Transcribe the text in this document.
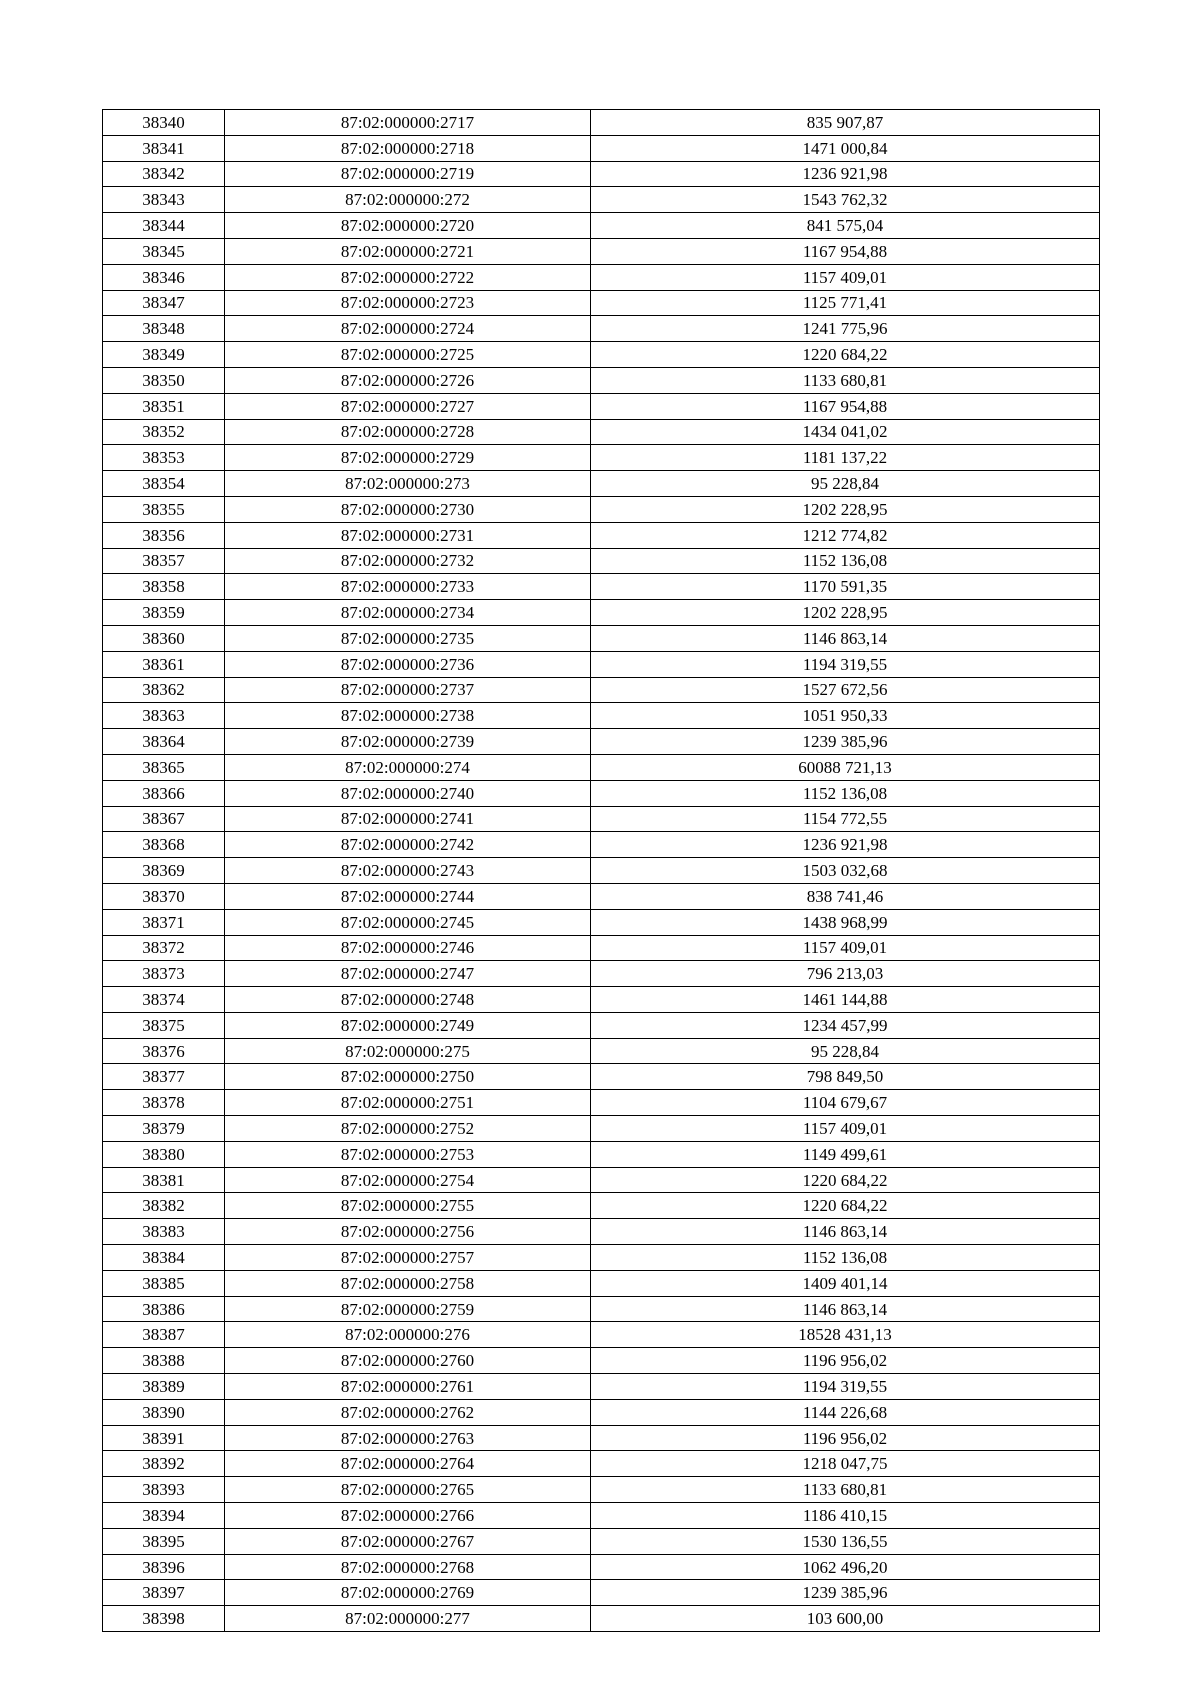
38340	87:02:000000:2717	835 907,87
38341	87:02:000000:2718	1471 000,84
38342	87:02:000000:2719	1236 921,98
38343	87:02:000000:272	1543 762,32
38344	87:02:000000:2720	841 575,04
38345	87:02:000000:2721	1167 954,88
38346	87:02:000000:2722	1157 409,01
38347	87:02:000000:2723	1125 771,41
38348	87:02:000000:2724	1241 775,96
38349	87:02:000000:2725	1220 684,22
38350	87:02:000000:2726	1133 680,81
38351	87:02:000000:2727	1167 954,88
38352	87:02:000000:2728	1434 041,02
38353	87:02:000000:2729	1181 137,22
38354	87:02:000000:273	95 228,84
38355	87:02:000000:2730	1202 228,95
38356	87:02:000000:2731	1212 774,82
38357	87:02:000000:2732	1152 136,08
38358	87:02:000000:2733	1170 591,35
38359	87:02:000000:2734	1202 228,95
38360	87:02:000000:2735	1146 863,14
38361	87:02:000000:2736	1194 319,55
38362	87:02:000000:2737	1527 672,56
38363	87:02:000000:2738	1051 950,33
38364	87:02:000000:2739	1239 385,96
38365	87:02:000000:274	60088 721,13
38366	87:02:000000:2740	1152 136,08
38367	87:02:000000:2741	1154 772,55
38368	87:02:000000:2742	1236 921,98
38369	87:02:000000:2743	1503 032,68
38370	87:02:000000:2744	838 741,46
38371	87:02:000000:2745	1438 968,99
38372	87:02:000000:2746	1157 409,01
38373	87:02:000000:2747	796 213,03
38374	87:02:000000:2748	1461 144,88
38375	87:02:000000:2749	1234 457,99
38376	87:02:000000:275	95 228,84
38377	87:02:000000:2750	798 849,50
38378	87:02:000000:2751	1104 679,67
38379	87:02:000000:2752	1157 409,01
38380	87:02:000000:2753	1149 499,61
38381	87:02:000000:2754	1220 684,22
38382	87:02:000000:2755	1220 684,22
38383	87:02:000000:2756	1146 863,14
38384	87:02:000000:2757	1152 136,08
38385	87:02:000000:2758	1409 401,14
38386	87:02:000000:2759	1146 863,14
38387	87:02:000000:276	18528 431,13
38388	87:02:000000:2760	1196 956,02
38389	87:02:000000:2761	1194 319,55
38390	87:02:000000:2762	1144 226,68
38391	87:02:000000:2763	1196 956,02
38392	87:02:000000:2764	1218 047,75
38393	87:02:000000:2765	1133 680,81
38394	87:02:000000:2766	1186 410,15
38395	87:02:000000:2767	1530 136,55
38396	87:02:000000:2768	1062 496,20
38397	87:02:000000:2769	1239 385,96
38398	87:02:000000:277	103 600,00
